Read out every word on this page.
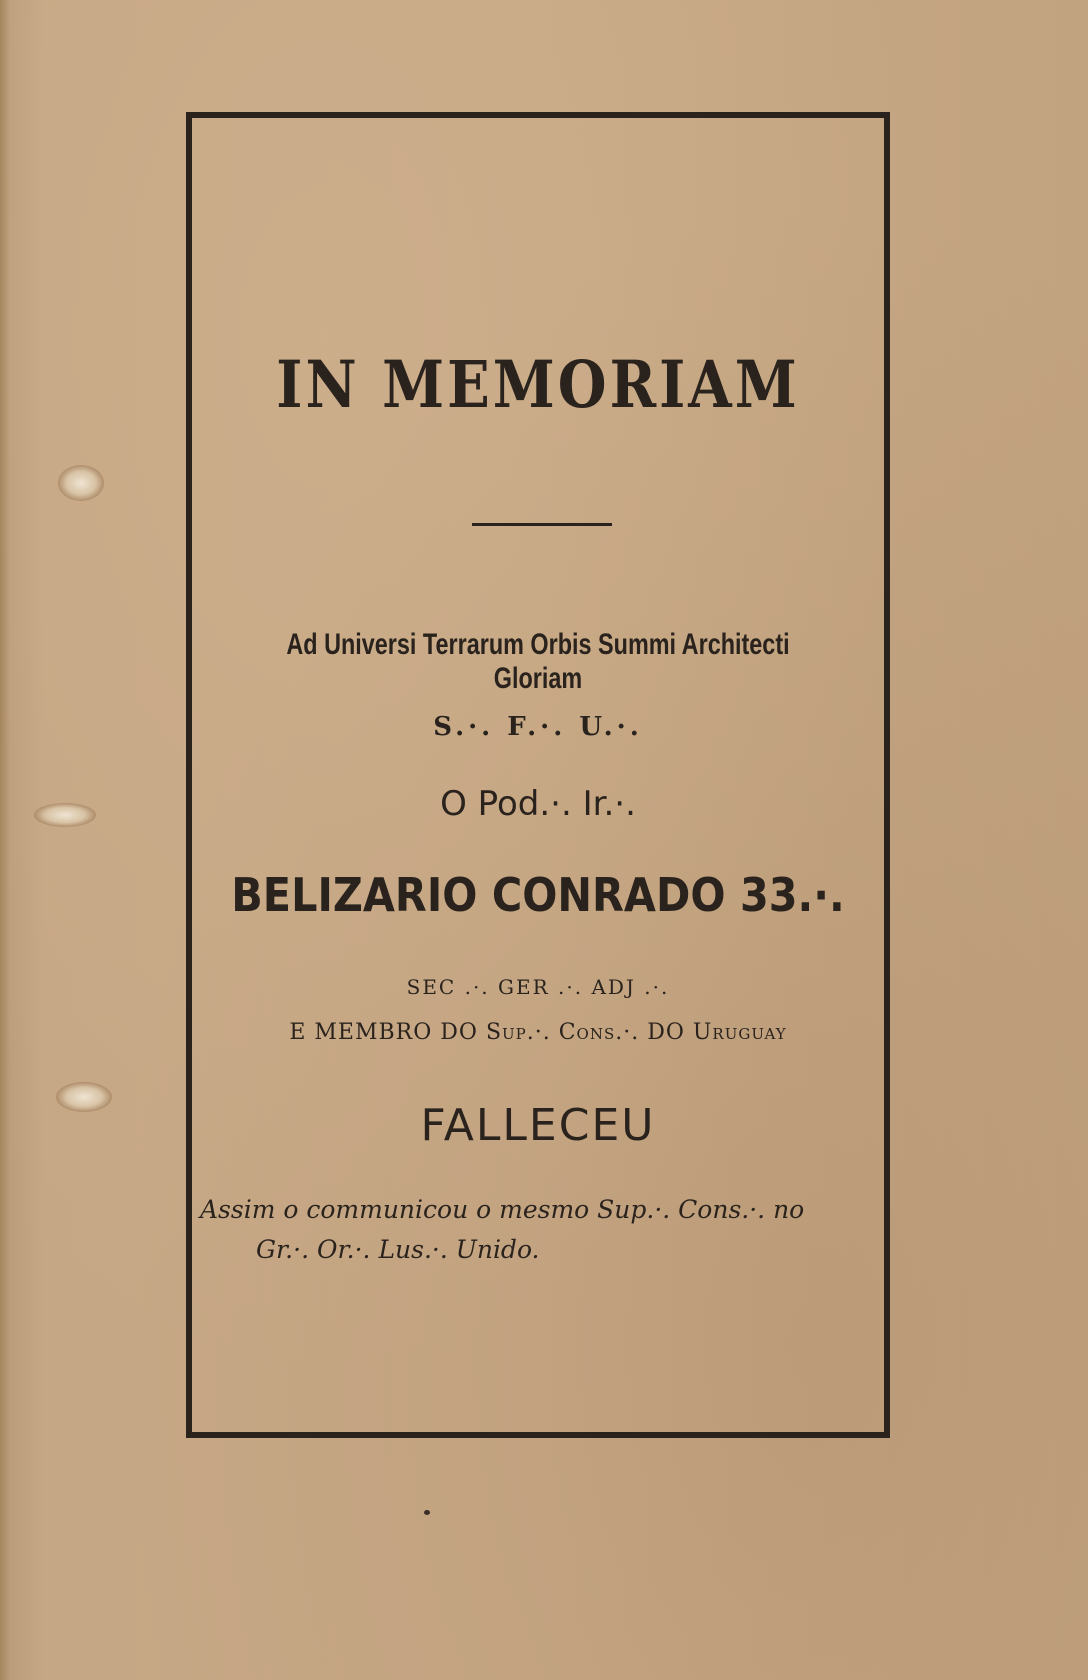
IN MEMORIAM
Ad Universi Terrarum Orbis Summi Architecti Gloriam
S.·. F.·. U.·.
O Pod.·. Ir.·.
BELIZARIO CONRADO 33.·.
SEC .·. GER .·. ADJ .·.
E MEMBRO DO Sup.·. Cons.·. DO Uruguay
FALLECEU
Assim o communicou o mesmo Sup.·. Cons.·. no
Gr.·. Or.·. Lus.·. Unido.
